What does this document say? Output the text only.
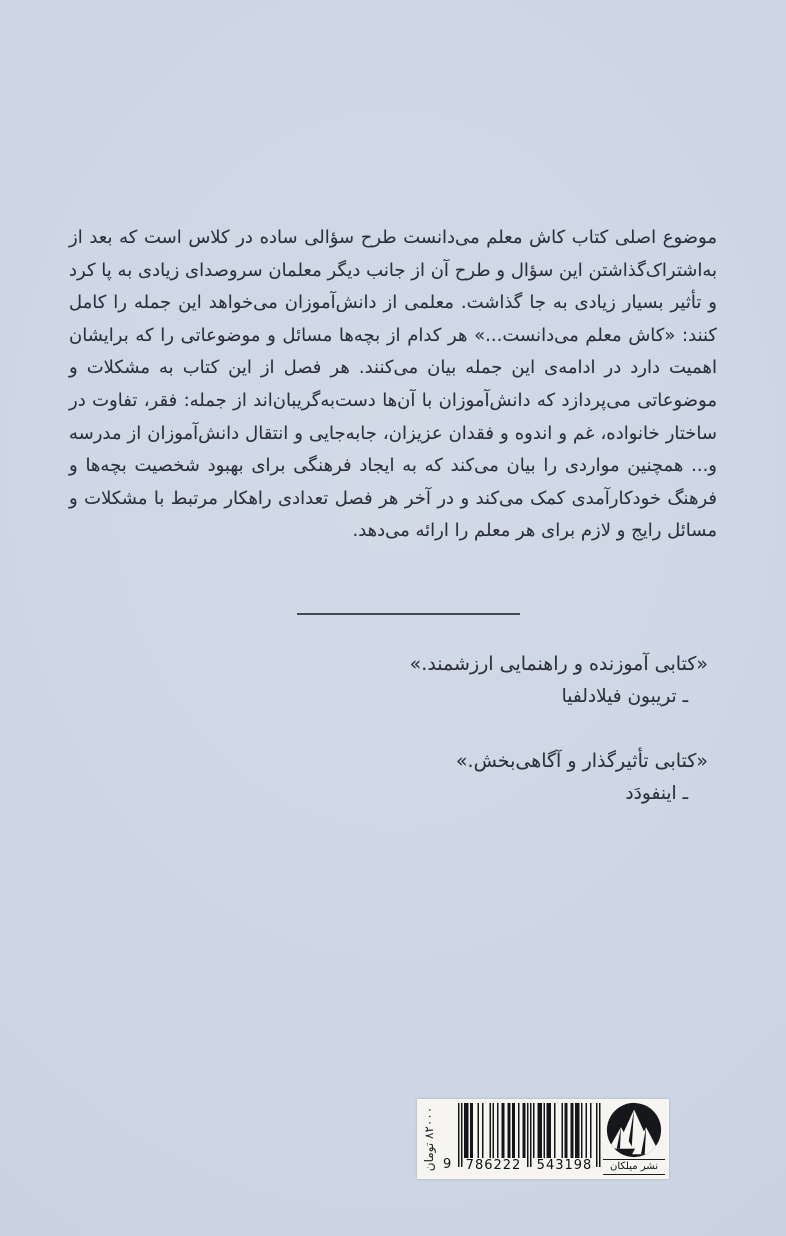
موضوع اصلی کتاب کاش معلم می‌دانست طرح سؤالی ساده در کلاس است که بعد از به‌اشتراک‌گذاشتن این سؤال و طرح آن از جانب دیگر معلمان سروصدای زیادی به پا کرد و تأثیر بسیار زیادی به جا گذاشت. معلمی از دانش‌آموزان می‌خواهد این جمله را کامل کنند: «کاش معلم می‌دانست...» هر کدام از بچه‌ها مسائل و موضوعاتی را که برایشان اهمیت دارد در ادامه‌ی این جمله بیان می‌کنند. هر فصل از این کتاب به مشکلات و موضوعاتی می‌پردازد که دانش‌آموزان با آن‌ها دست‌به‌گریبان‌اند از جمله: فقر، تفاوت در ساختار خانواده، غم و اندوه و فقدان عزیزان، جابه‌جایی و انتقال دانش‌آموزان از مدرسه و... همچنین مواردی را بیان می‌کند که به ایجاد فرهنگی برای بهبود شخصیت بچه‌ها و فرهنگ خودکارآمدی کمک می‌کند و در آخر هر فصل تعدادی راهکار مرتبط با مشکلات و مسائل رایج و لازم برای هر معلم را ارائه می‌دهد.

«کتابی آموزنده و راهنمایی ارزشمند.»
ـ تریبون فیلادلفیا
«کتابی تأثیرگذار و آگاهی‌بخش.»
ـ اینفودَد
۸۲۰۰۰ تومان
9	786222 543198	نشر میلکان
